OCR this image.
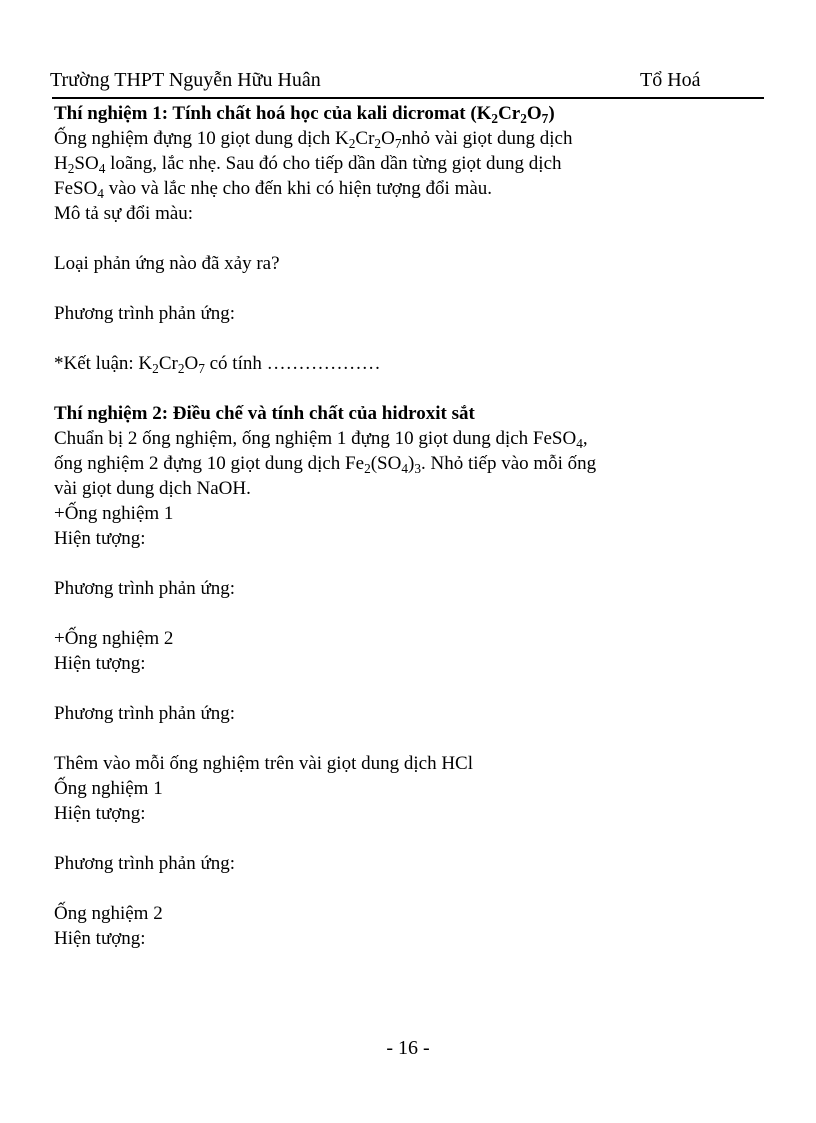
Trường THPT Nguyễn Hữu Huân	Tổ Hoá
Thí nghiệm 1: Tính chất hoá học của kali dicromat $(K_2Cr_2O_7)$
Ống nghiệm đựng 10 giọt dung dịch $K_2Cr_2O_7nhỏ$ vài giọt dung dịch
$H_2SO_4$ loãng, lắc nhẹ. Sau đó cho tiếp dần dần từng giọt dung dịch
FeSO$_4$ vào và lắc nhẹ cho đến khi có hiện tượng đổi màu.
Mô tả sự đổi màu:
Loại phản ứng nào đã xảy ra?
Phương trình phản ứng:
*Kết luận: $K_2Cr_2O_7$ có tính ………………
Thí nghiệm 2: Điều chế và tính chất của hidroxit sắt
Chuẩn bị 2 ống nghiệm, ống nghiệm 1 đựng 10 giọt dung dịch FeSO$_4$,
ống nghiệm 2 đựng 10 giọt dung dịch $Fe_2(SO_4)_3$. Nhỏ tiếp vào mỗi ống
vài giọt dung dịch NaOH.
+Ống nghiệm 1
Hiện tượng:
Phương trình phản ứng:
+Ống nghiệm 2
Hiện tượng:
Phương trình phản ứng:
Thêm vào mỗi ống nghiệm trên vài giọt dung dịch HCl
Ống nghiệm 1
Hiện tượng:
Phương trình phản ứng:
Ống nghiệm 2
Hiện tượng:
- 16 -
